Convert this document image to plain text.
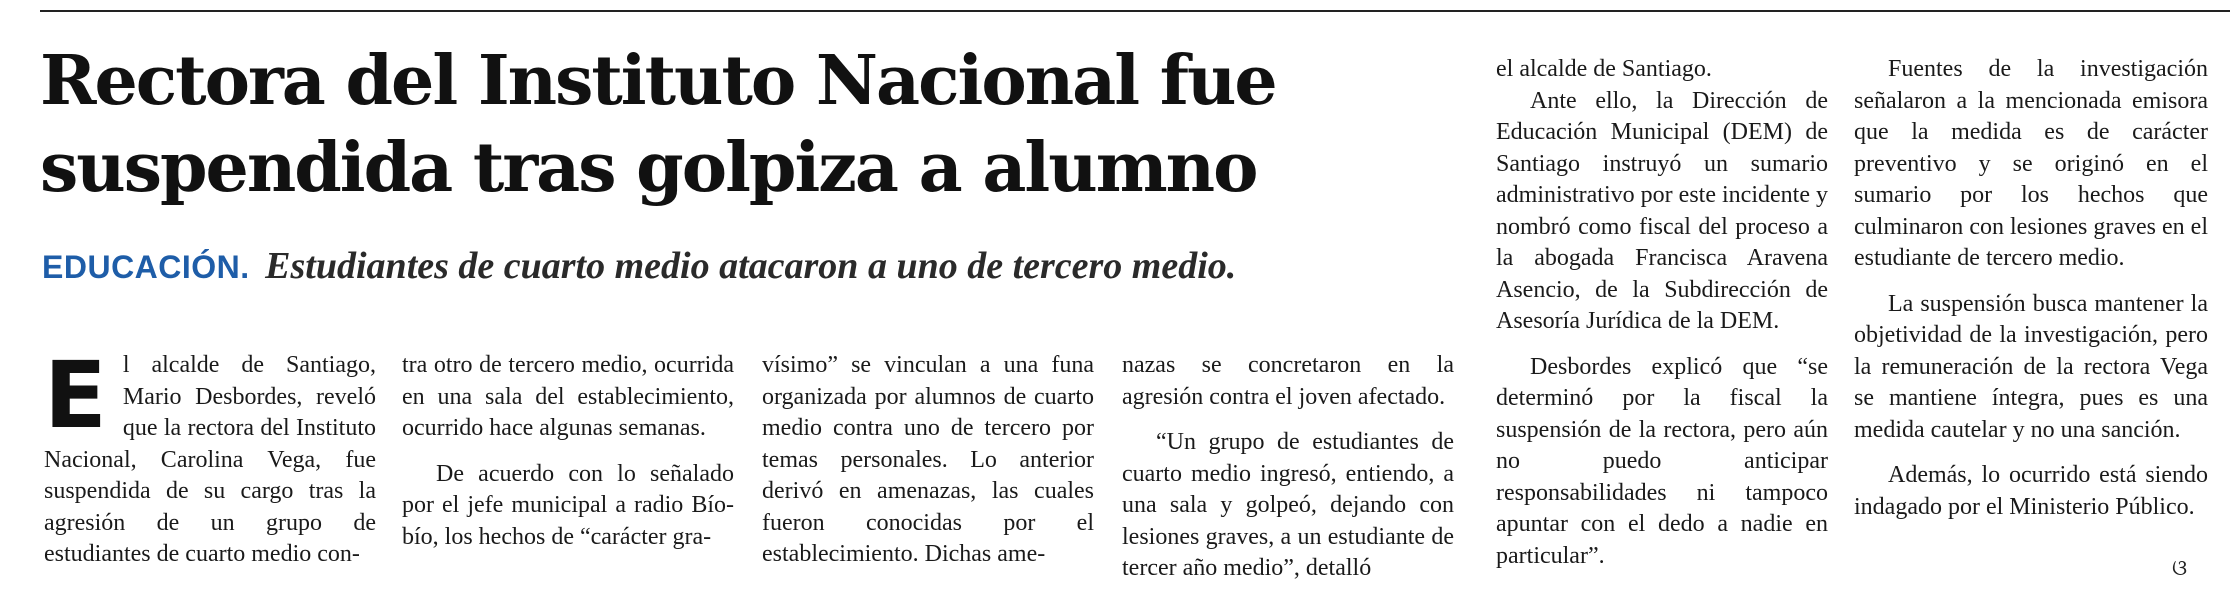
Rectora del Instituto Nacional fue
suspendida tras golpiza a alumno
EDUCACIÓN. Estudiantes de cuarto medio atacaron a uno de tercero medio.
E l alcalde de Santiago, Mario Desbordes, reveló que la rectora del Instituto Nacional, Carolina Vega, fue suspendida de su cargo tras la agresión de un grupo de estudiantes de cuarto medio con-

tra otro de tercero medio, ocurrida en una sala del establecimiento, ocurrido hace algunas semanas.

De acuerdo con lo señalado por el jefe municipal a radio Bío-bío, los hechos de “carácter gra-

vísimo” se vinculan a una funa organizada por alumnos de cuarto medio contra uno de tercero por temas personales. Lo anterior derivó en amenazas, las cuales fueron conocidas por el establecimiento. Dichas ame-

nazas se concretaron en la agresión contra el joven afectado.

“Un grupo de estudiantes de cuarto medio ingresó, entiendo, a una sala y golpeó, dejando con lesiones graves, a un estudiante de tercer año medio”, detalló

el alcalde de Santiago.

Ante ello, la Dirección de Educación Municipal (DEM) de Santiago instruyó un sumario administrativo por este incidente y nombró como fiscal del proceso a la abogada Francisca Aravena Asencio, de la Subdirección de Asesoría Jurídica de la DEM.

Desbordes explicó que “se determinó por la fiscal la suspensión de la rectora, pero aún no puedo anticipar responsabilidades ni tampoco apuntar con el dedo a nadie en particular”.

Fuentes de la investigación señalaron a la mencionada emisora que la medida es de carácter preventivo y se originó en el sumario por los hechos que culminaron con lesiones graves en el estudiante de tercero medio.

La suspensión busca mantener la objetividad de la investigación, pero la remuneración de la rectora Vega se mantiene íntegra, pues es una medida cautelar y no una sanción.

Además, lo ocurrido está siendo indagado por el Ministerio Público.

ଓ
